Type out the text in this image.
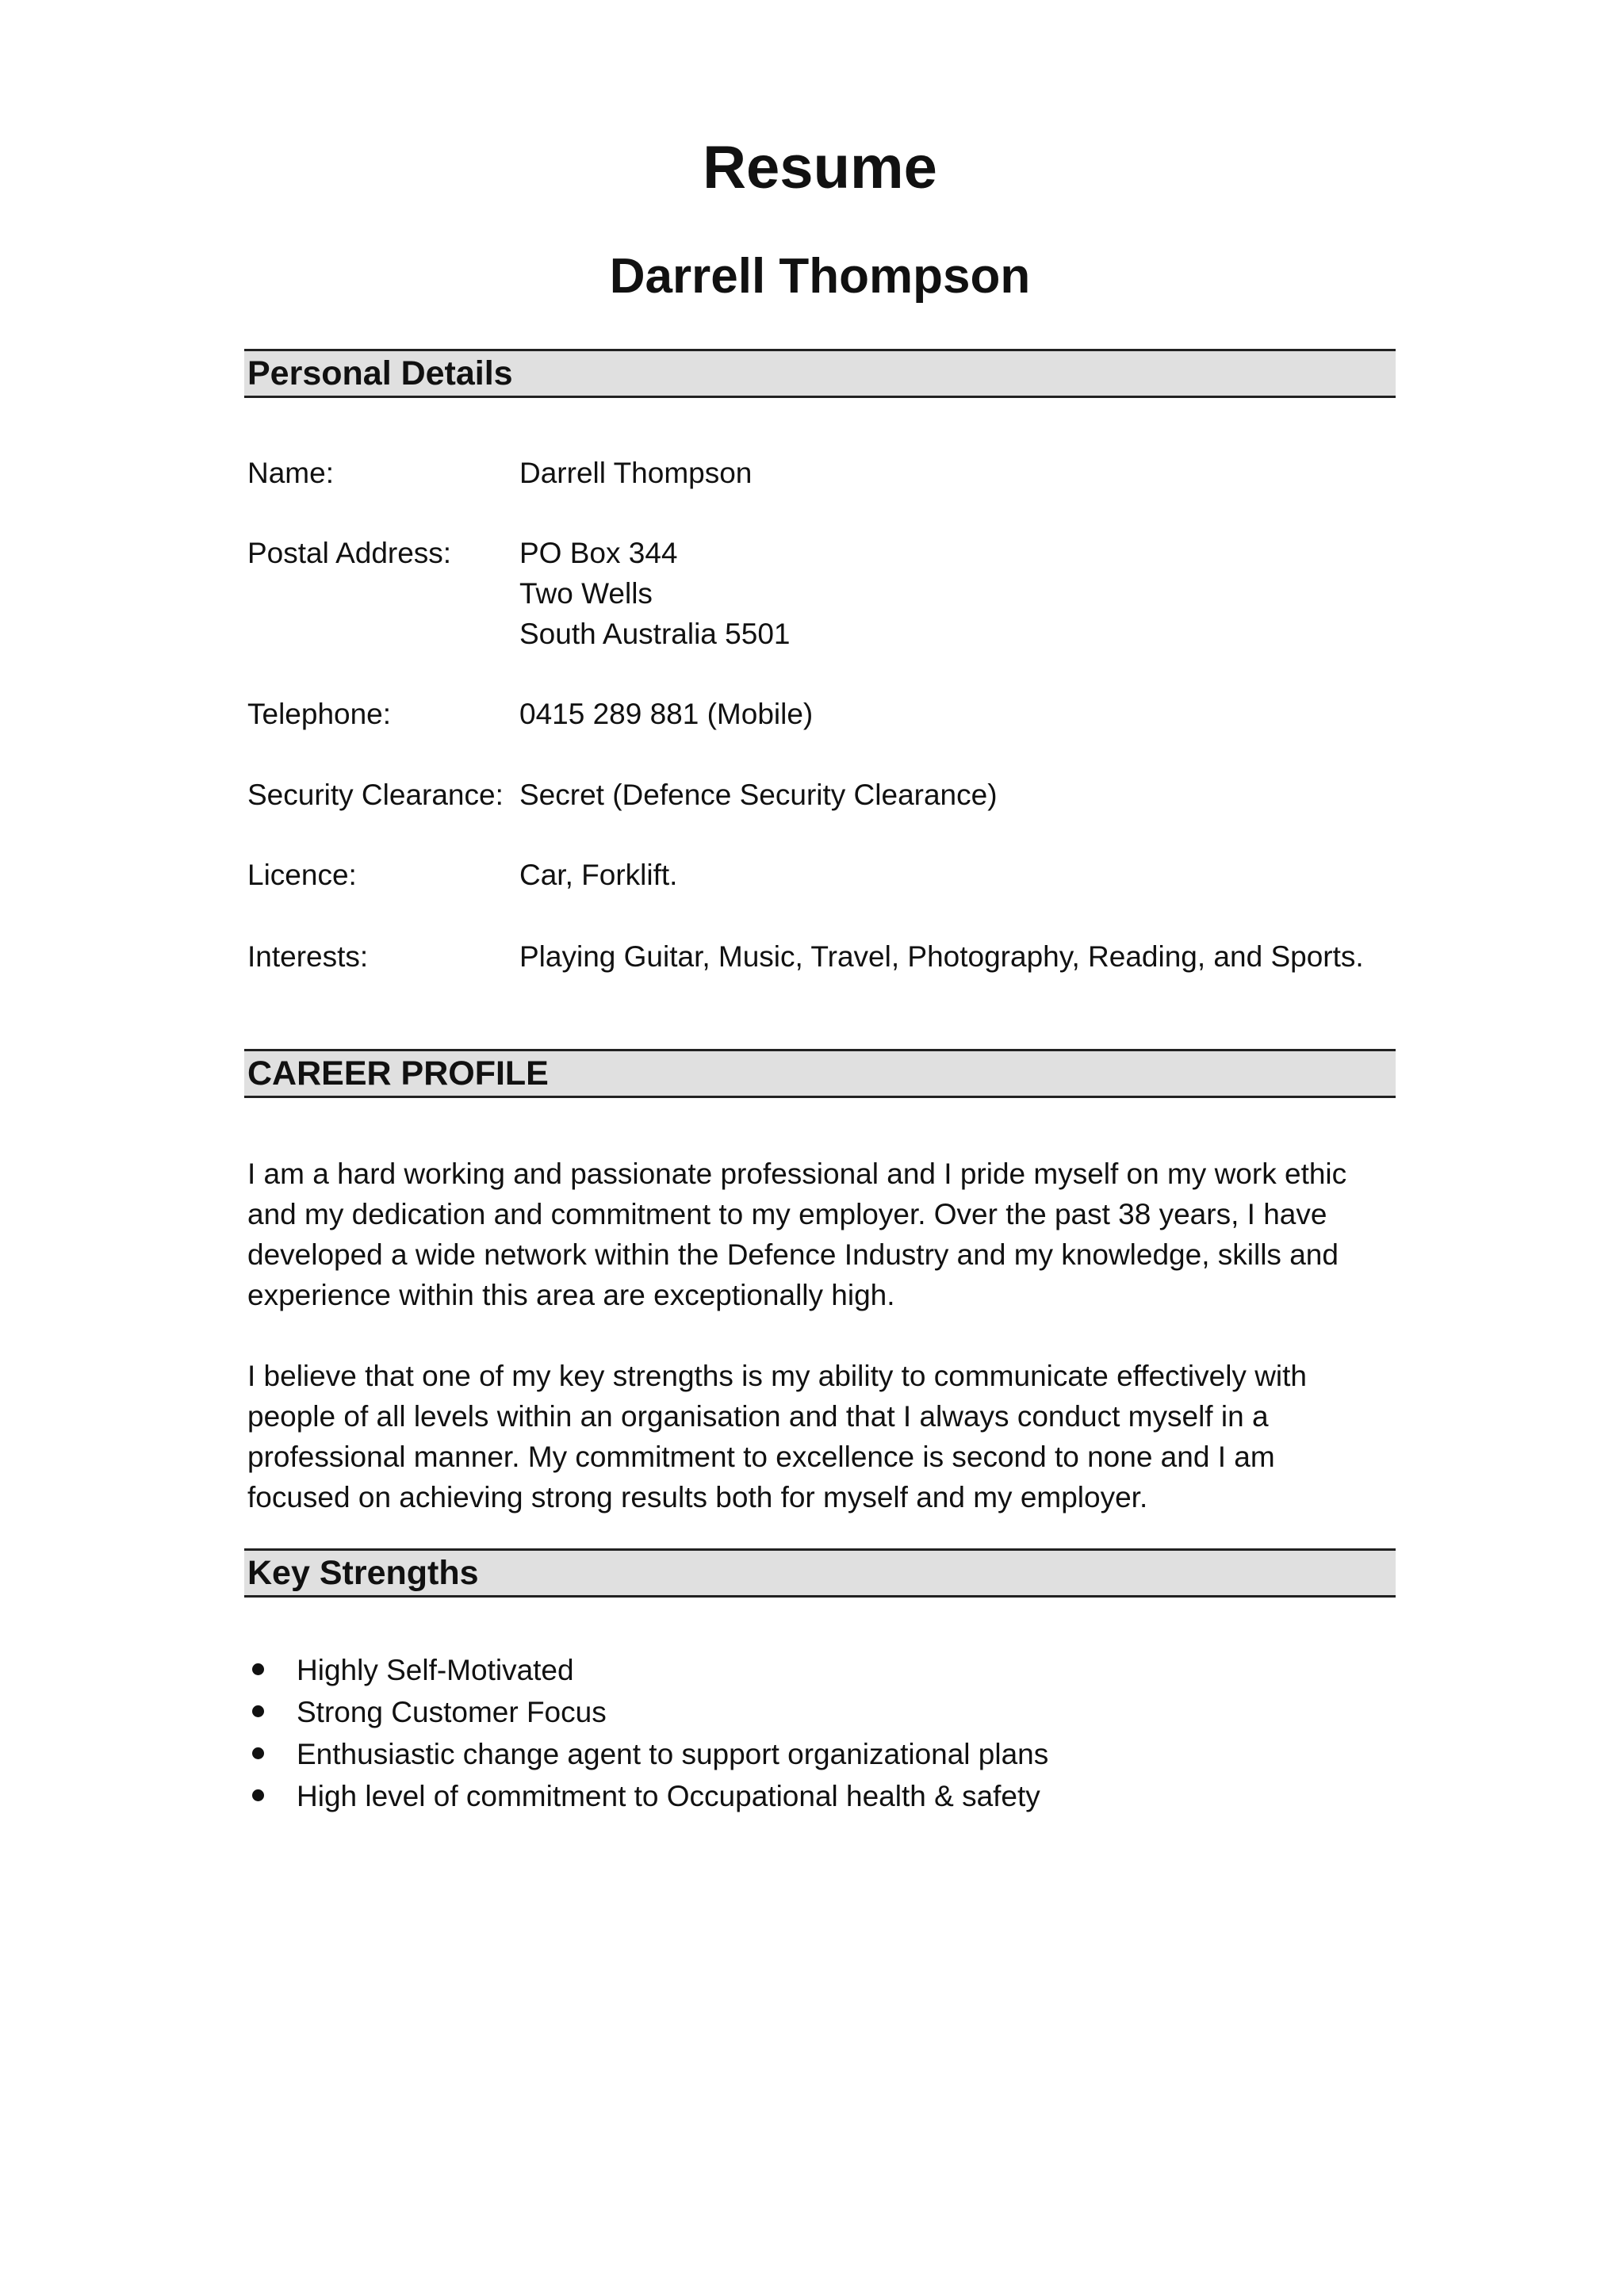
Resume
Darrell Thompson
Personal Details
Name:	Darrell Thompson
Postal Address: PO Box 344
Two Wells
South Australia 5501
Telephone:	0415 289 881 (Mobile)
Security Clearance: Secret (Defence Security Clearance)
Licence:	Car, Forklift.
Interests:	Playing Guitar, Music, Travel, Photography, Reading, and Sports.
CAREER PROFILE
I am a hard working and passionate professional and I pride myself on my work ethic
and my dedication and commitment to my employer. Over the past 38 years, I have
developed a wide network within the Defence Industry and my knowledge, skills and
experience within this area are exceptionally high.
I believe that one of my key strengths is my ability to communicate effectively with
people of all levels within an organisation and that I always conduct myself in a
professional manner. My commitment to excellence is second to none and I am
focused on achieving strong results both for myself and my employer.
Key Strengths
Highly Self-Motivated
Strong Customer Focus
Enthusiastic change agent to support organizational plans
High level of commitment to Occupational health & safety
